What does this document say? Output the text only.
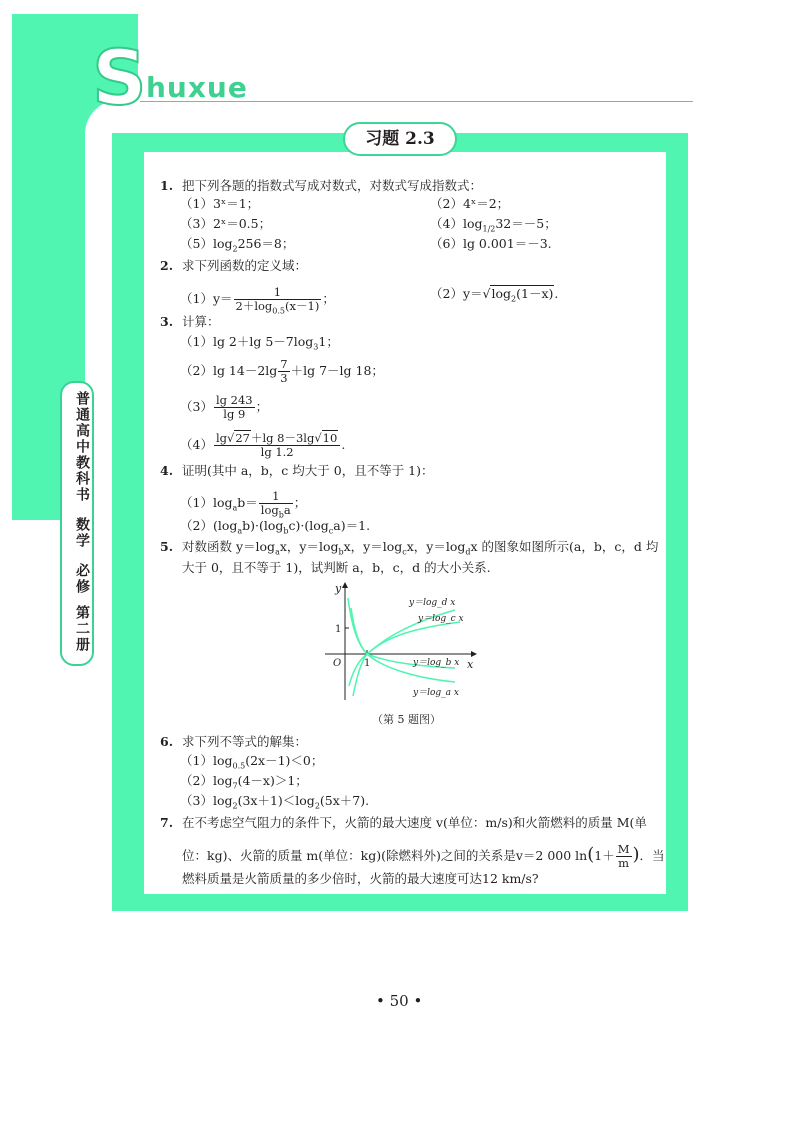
S huxue
习题 2.3
普通高中教科书
数学
必修
第二册
1. 把下列各题的指数式写成对数式，对数式写成指数式：
（1）3ˣ＝1；	（2）4ˣ＝2；
（3）2ˣ＝0.5；	$(4)\log_{1/2}32=-5$；
$(5)\log_2256=8$；	（6）lg 0.001＝－3.
2. 求下列函数的定义域：
$(1)y= \frac{1}{2+\log_{0.5}(x-1)}$ ；	$(2)y=√\log_2(1-x)$.
3. 计算：
（1）lg 2＋lg $5-7\log_31$；
（2）lg $14-2\lg \frac{7}{3} +\lg$ 7－lg 18；
$(3) \frac{\lg 243}{\lg 9}$ ；
$(4) \frac{\lg√27+\lg 8-3\lg√10}{\lg 1.2}$ .
4. 证明(其中 a，b，c 均大于 0，且不等于 1)：
$(1)\log_ab= \frac{1}{\log_ba}$ ；
$(2)(\log_ab)\cdot(\log_bc)\cdot(\log_ca)=1$.
5. 对数函数 $y=\log_ax$，$y=\log_bx$，$y=\log_cx$，$y=\log_dx$ 的图象如图所示(a，b，c，d 均
大于 0，且不等于 1)，试判断 a，b，c，d 的大小关系.
y
x
O
1
1
y＝log_d x
y＝log_c x
y＝log_b x
y＝log_a x
（第 5 题图）
6. 求下列不等式的解集：
$(1)\log_{0.5}(2x-1)<0$；
$(2)\log_7(4-x)>1$；
$(3)\log_2(3x+1)<\log_2(5x+7)$.
7. 在不考虑空气阻力的条件下，火箭的最大速度 v(单位：m/s)和火箭燃料的质量 M(单
位：kg)、火箭的质量 m(单位：kg)(除燃料外)之间的关系是v＝2 000 $\ln(1+ \frac{M}{m}$ )．当
燃料质量是火箭质量的多少倍时，火箭的最大速度可达12 km/s?
• 50 •
